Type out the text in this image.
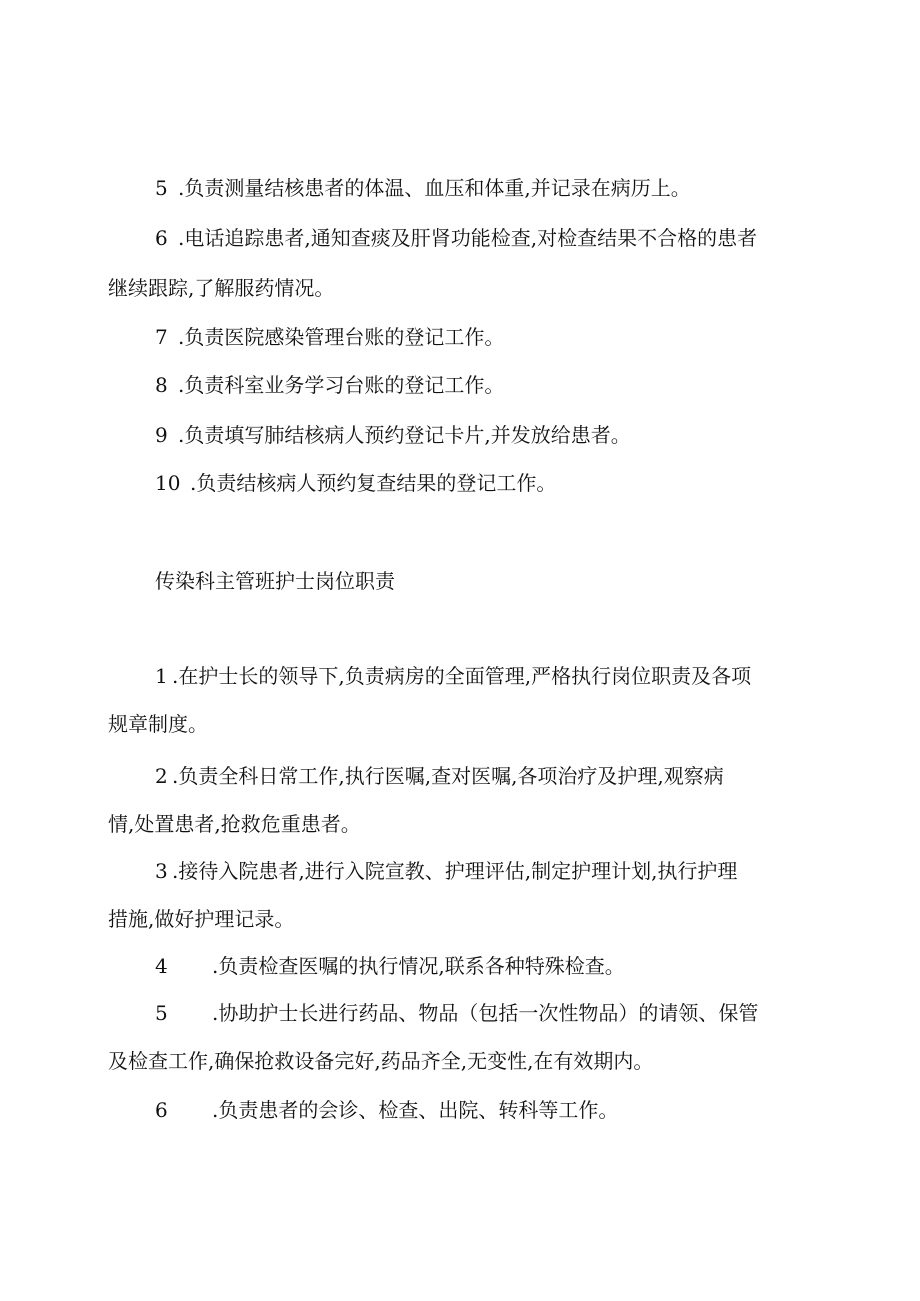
5 .负责测量结核患者的体温、血压和体重,并记录在病历上。
6 .电话追踪患者,通知查痰及肝肾功能检查,对检查结果不合格的患者
继续跟踪,了解服药情况。
7 .负责医院感染管理台账的登记工作。
8 .负责科室业务学习台账的登记工作。
9 .负责填写肺结核病人预约登记卡片,并发放给患者。
10 .负责结核病人预约复查结果的登记工作。
传染科主管班护士岗位职责
1 .在护士长的领导下,负责病房的全面管理,严格执行岗位职责及各项
规章制度。
2 .负责全科日常工作,执行医嘱,查对医嘱,各项治疗及护理,观察病
情,处置患者,抢救危重患者。
3 .接待入院患者,进行入院宣教、护理评估,制定护理计划,执行护理
措施,做好护理记录。
4 .负责检查医嘱的执行情况,联系各种特殊检查。
5 .协助护士长进行药品、物品（包括一次性物品）的请领、保管
及检查工作,确保抢救设备完好,药品齐全,无变性,在有效期内。
6 .负责患者的会诊、检查、出院、转科等工作。
